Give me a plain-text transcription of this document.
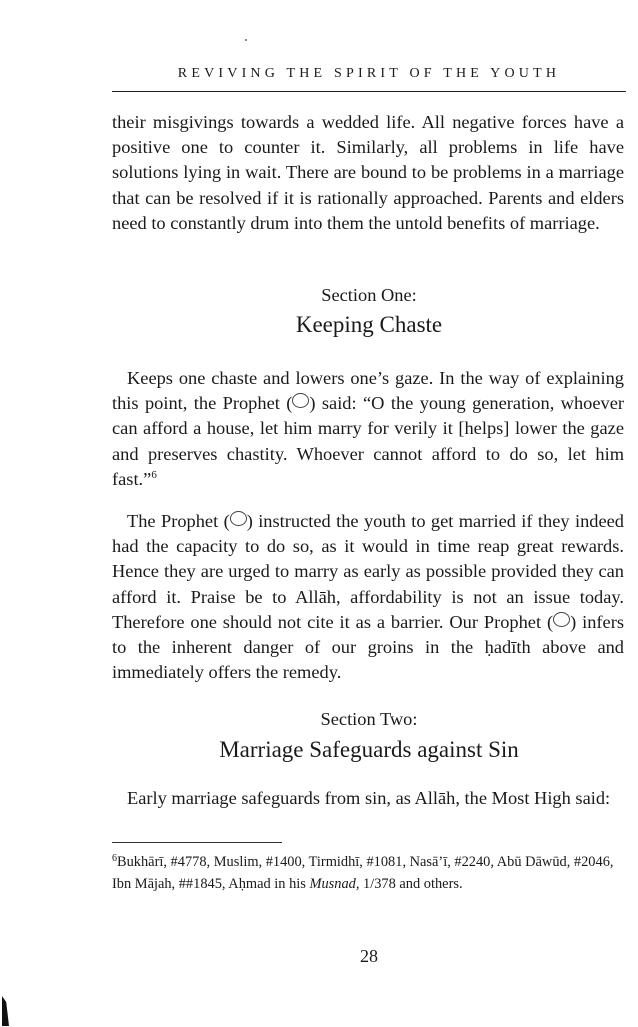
REVIVING THE SPIRIT OF THE YOUTH

their misgivings towards a wedded life. All negative forces have a positive one to counter it. Similarly, all problems in life have solutions lying in wait. There are bound to be problems in a marriage that can be resolved if it is rationally approached. Parents and elders need to constantly drum into them the untold benefits of marriage.

Section One:
Keeping Chaste

Keeps one chaste and lowers one’s gaze. In the way of explaining this point, the Prophet ( ) said: “O the young generation, whoever can afford a house, let him marry for verily it [helps] lower the gaze and preserves chastity. Whoever cannot afford to do so, let him fast.”$^6$

The Prophet ( ) instructed the youth to get married if they indeed had the capacity to do so, as it would in time reap great rewards. Hence they are urged to marry as early as possible provided they can afford it. Praise be to Allāh, affordability is not an issue today. Therefore one should not cite it as a barrier. Our Prophet ( ) infers to the inherent danger of our groins in the ḥadīth above and immediately offers the remedy.

Section Two:
Marriage Safeguards against Sin

Early marriage safeguards from sin, as Allāh, the Most High said:

$^6$Bukhārī, #4778, Muslim, #1400, Tirmidhī, #1081, Nasā’ī, #2240, Abū Dāwūd, #2046, Ibn Mājah, ##1845, Aḥmad in his Musnad, 1/378 and others.

28
